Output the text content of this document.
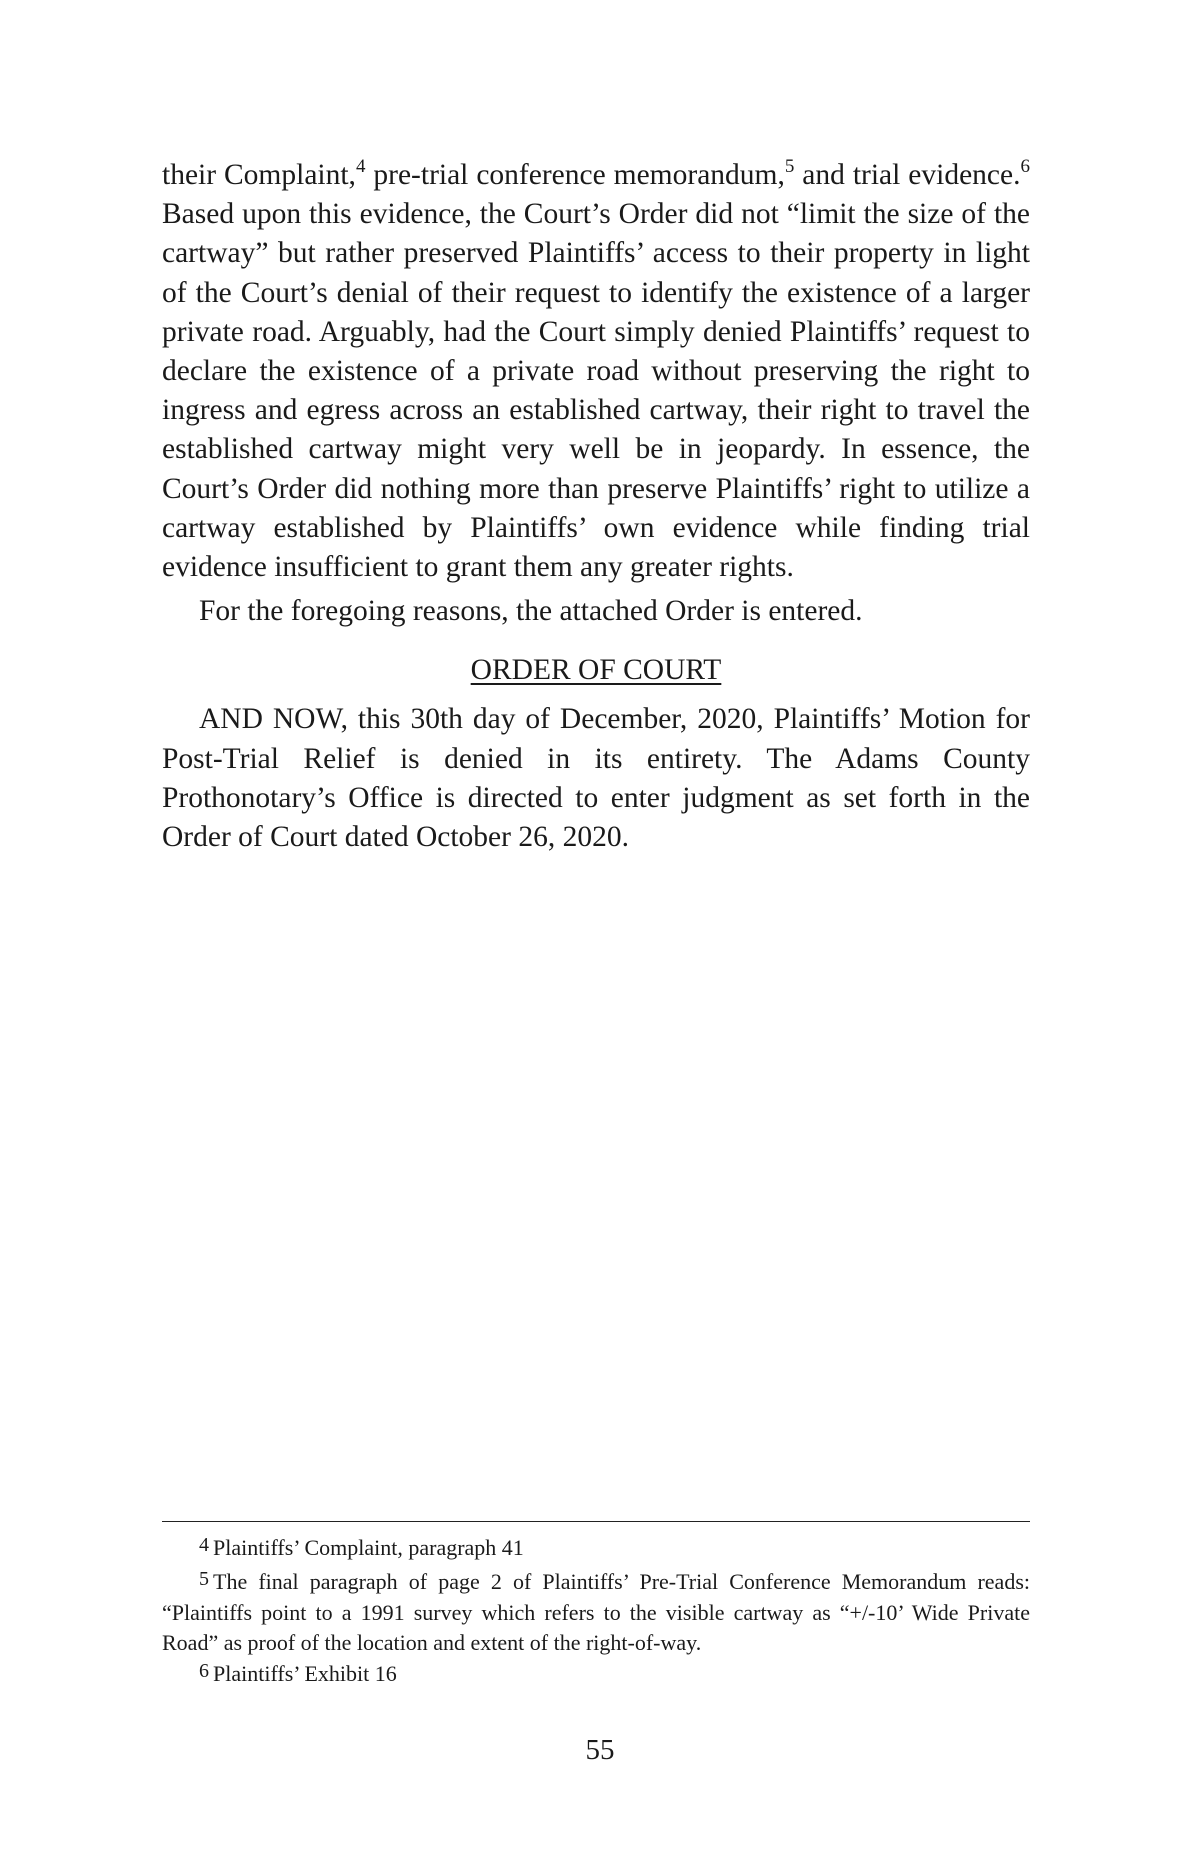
their Complaint,$^4$ pre-trial conference memorandum,$^5$ and trial evidence.$^6$ Based upon this evidence, the Court’s Order did not “limit the size of the cartway” but rather preserved Plaintiffs’ access to their property in light of the Court’s denial of their request to identify the existence of a larger private road. Arguably, had the Court simply denied Plaintiffs’ request to declare the existence of a private road without preserving the right to ingress and egress across an established cartway, their right to travel the established cartway might very well be in jeopardy. In essence, the Court’s Order did nothing more than preserve Plaintiffs’ right to utilize a cartway established by Plaintiffs’ own evidence while finding trial evidence insufficient to grant them any greater rights.

For the foregoing reasons, the attached Order is entered.

ORDER OF COURT

AND NOW, this 30th day of December, 2020, Plaintiffs’ Motion for Post-Trial Relief is denied in its entirety. The Adams County Prothonotary’s Office is directed to enter judgment as set forth in the Order of Court dated October 26, 2020.

4 Plaintiffs’ Complaint, paragraph 41

5 The final paragraph of page 2 of Plaintiffs’ Pre-Trial Conference Memorandum reads: “Plaintiffs point to a 1991 survey which refers to the visible cartway as “+/-10’ Wide Private Road” as proof of the location and extent of the right-of-way.

6 Plaintiffs’ Exhibit 16

55
